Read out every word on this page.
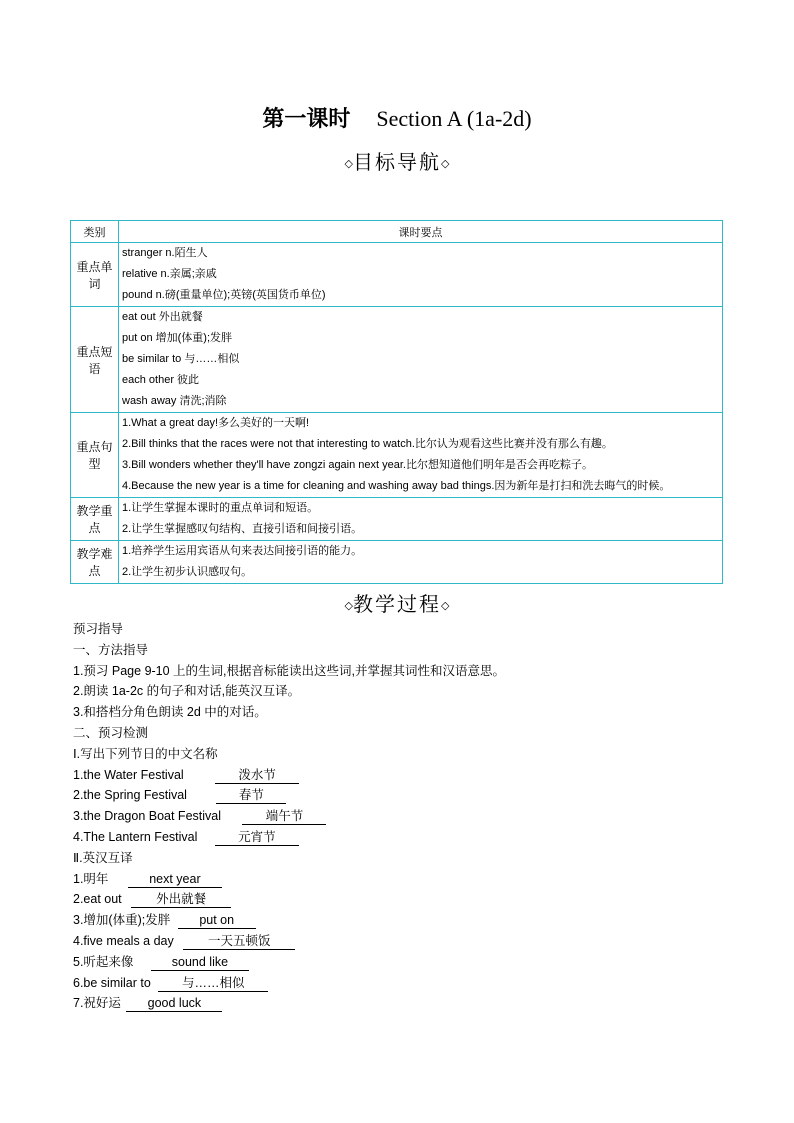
第一课时 Section A (1a-2d)
◇目标导航◇
类别	课时要点
重点单词	stranger n.陌生人
relative n.亲属;亲戚
pound n.磅(重量单位);英镑(英国货币单位)

重点短语	eat out 外出就餐
put on 增加(体重);发胖
be similar to 与……相似
each other 彼此
wash away 清洗;消除

重点句型	1.What a great day!多么美好的一天啊!
2.Bill thinks that the races were not that interesting to watch.比尔认为观看这些比赛并没有那么有趣。
3.Bill wonders whether they'll have zongzi again next year.比尔想知道他们明年是否会再吃粽子。
4.Because the new year is a time for cleaning and washing away bad things.因为新年是打扫和洗去晦气的时候。

教学重点	1.让学生掌握本课时的重点单词和短语。
2.让学生掌握感叹句结构、直接引语和间接引语。

教学难点	1.培养学生运用宾语从句来表达间接引语的能力。
2.让学生初步认识感叹句。
◇教学过程◇
预习指导
一、方法指导
1.预习 Page 9-10 上的生词,根据音标能读出这些词,并掌握其词性和汉语意思。
2.朗读 1a-2c 的句子和对话,能英汉互译。
3.和搭档分角色朗读 2d 中的对话。
二、预习检测
Ⅰ.写出下列节日的中文名称
1.the Water Festival	泼水节
2.the Spring Festival	春节
3.the Dragon Boat Festival	端午节
4.The Lantern Festival	元宵节
Ⅱ.英汉互译
1.明年	next year
2.eat out	外出就餐
3.增加(体重);发胖 put on
4.five meals a day	一天五顿饭
5.听起来像	sound like
6.be similar to 与……相似
7.祝好运 good luck
